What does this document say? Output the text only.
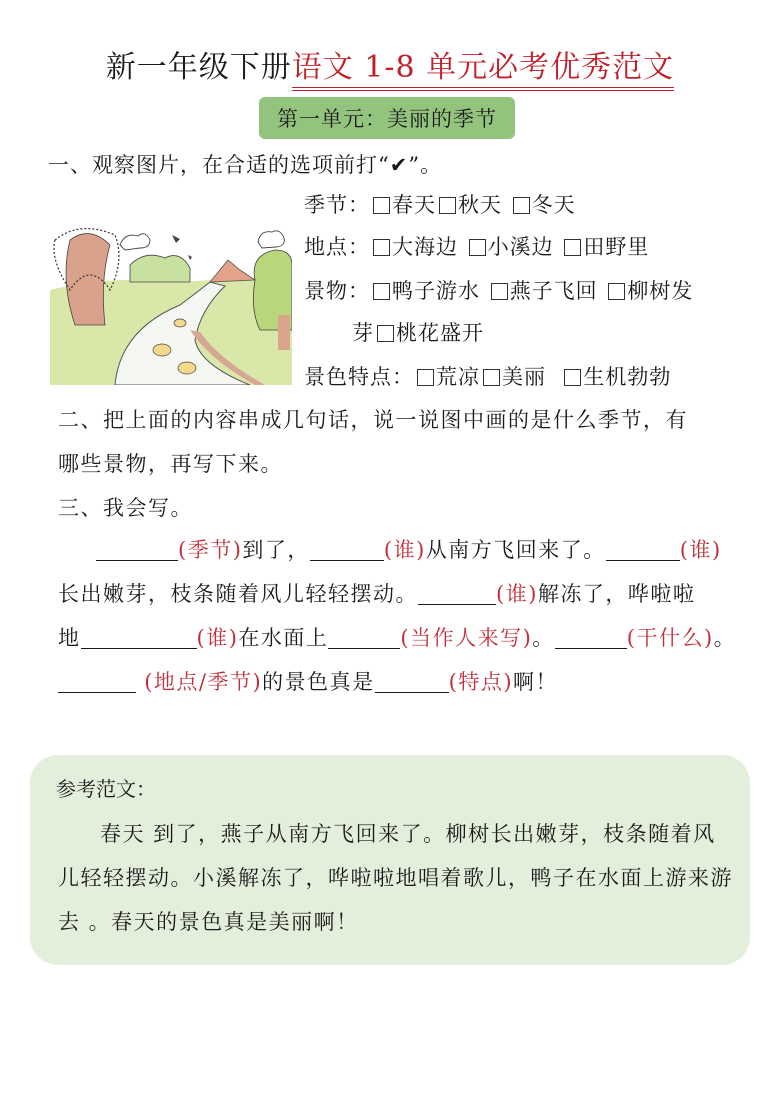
新一年级下册语文 1-8 单元必考优秀范文
第一单元：美丽的季节
一、观察图片，在合适的选项前打“✔”。
季节： 春天 秋天 冬天
地点： 大海边 小溪边 田野里
景物： 鸭子游水 燕子飞回 柳树发
芽 桃花盛开
景色特点： 荒凉 美丽 生机勃勃
二、把上面的内容串成几句话，说一说图中画的是什么季节，有
哪些景物，再写下来。
三、我会写。
(季节)到了，	(谁)从南方飞回来了。	(谁)
长出嫩芽，枝条随着风儿轻轻摆动。	(谁)解冻了，哗啦啦
地	(谁)在水面上	(当作人来写)。	(干什么)。
(地点/季节)的景色真是	(特点)啊！
参考范文：
春天 到了，燕子从南方飞回来了。柳树长出嫩芽，枝条随着风儿轻轻摆动。小溪解冻了，哗啦啦地唱着歌儿，鸭子在水面上游来游去 。春天的景色真是美丽啊！
